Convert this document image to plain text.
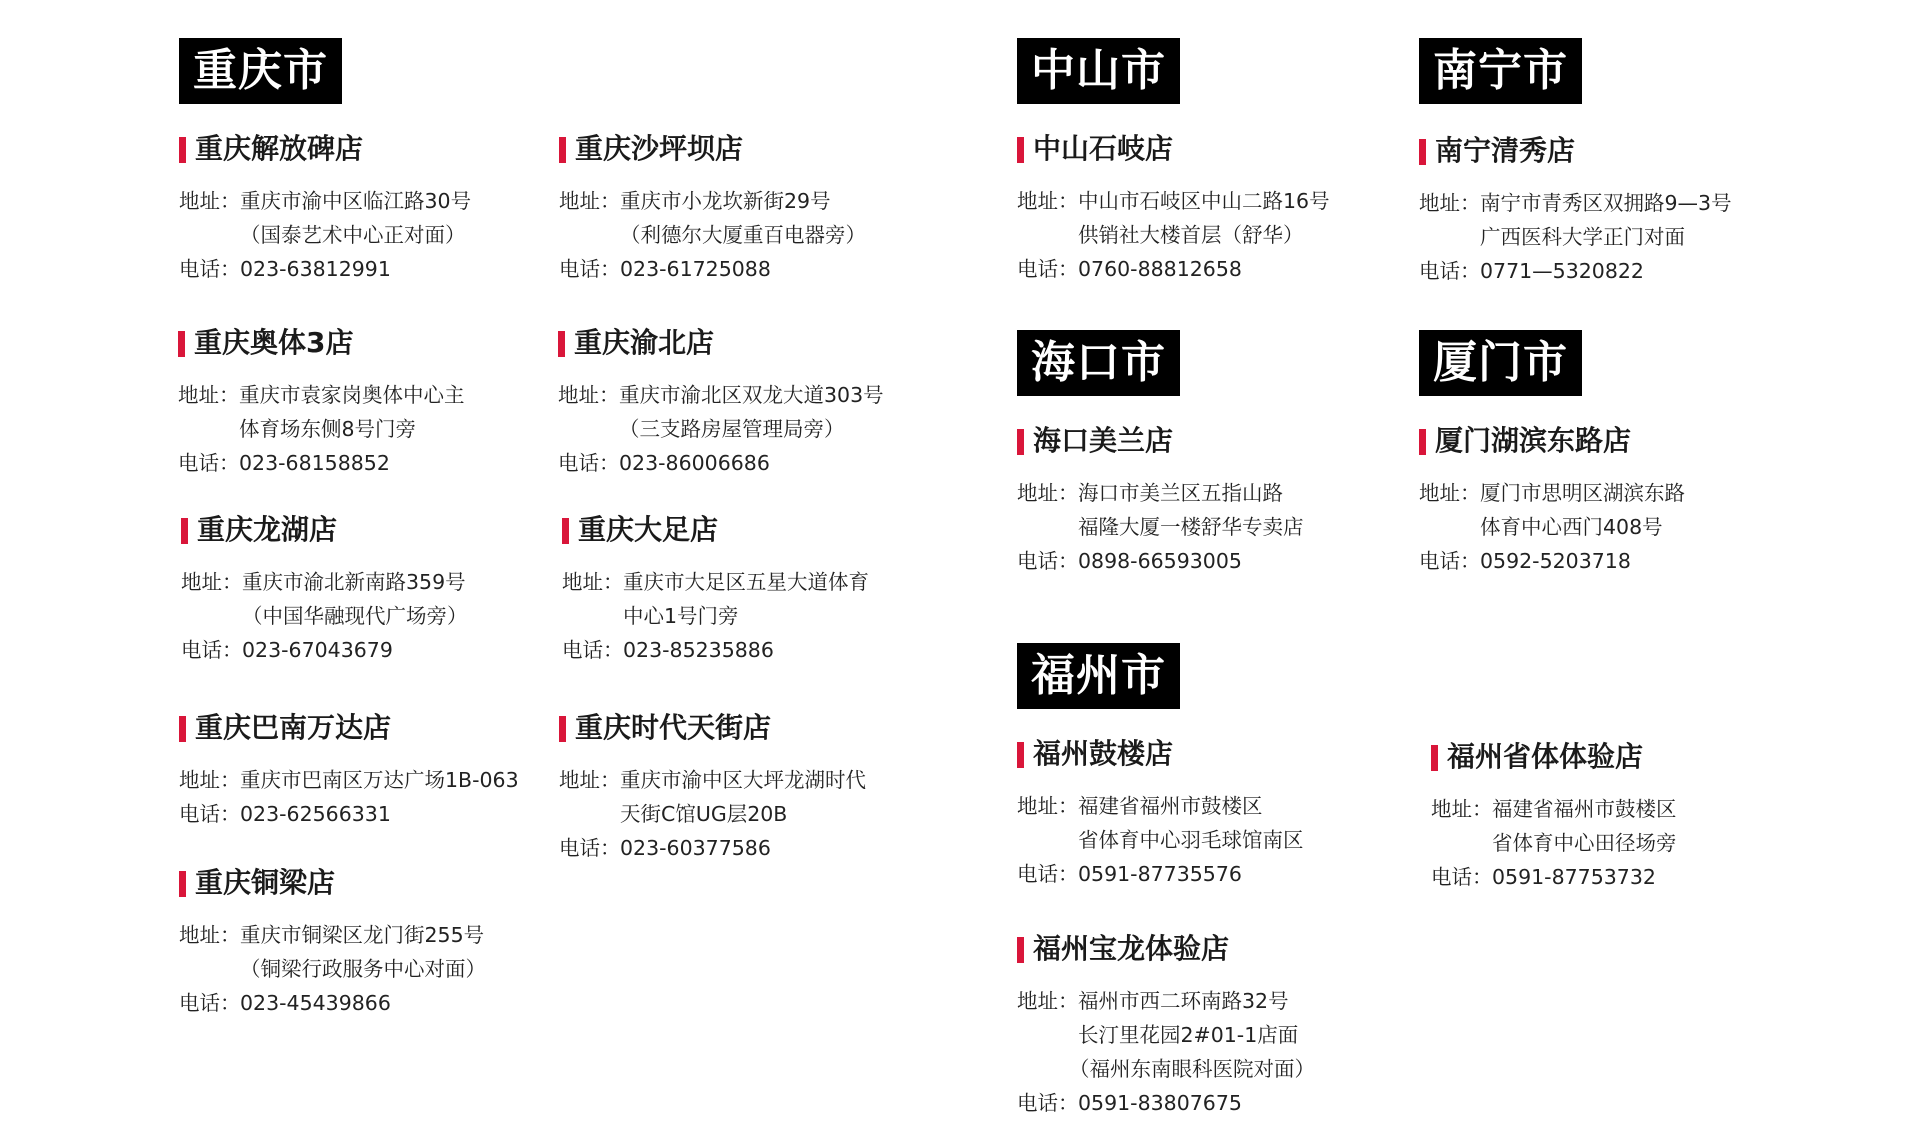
重庆市	中山市	南宁市
海口市	厦门市
福州市
重庆解放碑店
地址：重庆市渝中区临江路30号
（国泰艺术中心正对面）
电话：023-63812991
重庆奥体3店
地址：重庆市袁家岗奥体中心主
体育场东侧8号门旁
电话：023-68158852
重庆龙湖店
地址：重庆市渝北新南路359号
（中国华融现代广场旁）
电话：023-67043679
重庆巴南万达店
地址：重庆市巴南区万达广场1B-063
电话：023-62566331
重庆铜梁店
地址：重庆市铜梁区龙门街255号
（铜梁行政服务中心对面）
电话：023-45439866
重庆沙坪坝店
地址：重庆市小龙坎新街29号
（利德尔大厦重百电器旁）
电话：023-61725088
重庆渝北店
地址：重庆市渝北区双龙大道303号
（三支路房屋管理局旁）
电话：023-86006686
重庆大足店
地址：重庆市大足区五星大道体育
中心1号门旁
电话：023-85235886
重庆时代天街店
地址：重庆市渝中区大坪龙湖时代
天街C馆UG层20B
电话：023-60377586
中山石岐店
地址：中山市石岐区中山二路16号
供销社大楼首层（舒华）
电话：0760-88812658
海口美兰店
地址：海口市美兰区五指山路
福隆大厦一楼舒华专卖店
电话：0898-66593005
福州鼓楼店
地址：福建省福州市鼓楼区
省体育中心羽毛球馆南区
电话：0591-87735576
福州宝龙体验店
地址：福州市西二环南路32号
长汀里花园2#01-1店面
（福州东南眼科医院对面）
电话：0591-83807675
南宁清秀店
地址：南宁市青秀区双拥路9—3号
广西医科大学正门对面
电话：0771—5320822
厦门湖滨东路店
地址：厦门市思明区湖滨东路
体育中心西门408号
电话：0592-5203718
福州省体体验店
地址：福建省福州市鼓楼区
省体育中心田径场旁
电话：0591-87753732
